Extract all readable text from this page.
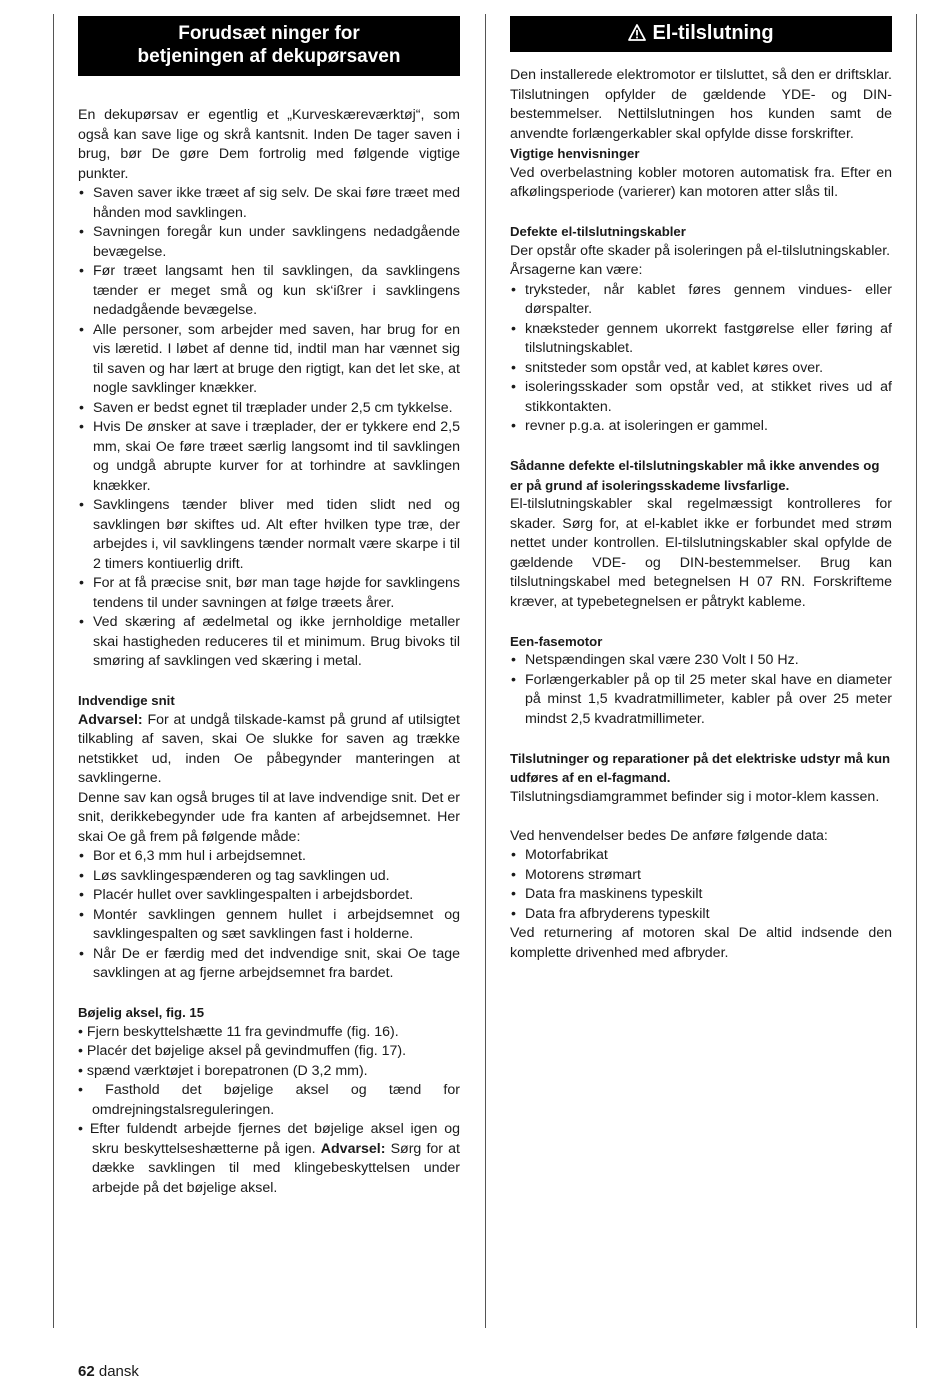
Forudsæt ninger for
betjeningen af dekupørsaven

En dekupørsav er egentlig et „Kurveskæreværktøj“, som også kan save lige og skrå kantsnit. Inden De tager saven i brug, bør De gøre Dem fortrolig med følgende vigtige punkter.

• Saven saver ikke træet af sig selv. De skai føre træet med hånden mod savklingen.
• Savningen foregår kun under savklingens nedadgående bevægelse.
• Før træet langsamt hen til savklingen, da savklingens tænder er meget små og kun sk‘ißrer i savklingens nedadgående bevægelse.
• Alle personer, som arbejder med saven, har brug for en vis læretid. I løbet af denne tid, indtil man har vænnet sig til saven og har lært at bruge den rigtigt, kan det let ske, at nogle savklinger knækker.
• Saven er bedst egnet til træplader under 2,5 cm tykkelse.
• Hvis De ønsker at save i træplader, der er tykkere end 2,5 mm, skai Oe føre træet særlig langsomt ind til savklingen og undgå abrupte kurver for at torhindre at savklingen knækker.
• Savklingens tænder bliver med tiden slidt ned og savklingen bør skiftes ud. Alt efter hvilken type træ, der arbejdes i, vil savklingens tænder normalt være skarpe i til 2 timers kontiuerlig drift.
• For at få præcise snit, bør man tage højde for savklingens tendens til under savningen at følge træets årer.
• Ved skæring af ædelmetal og ikke jernholdige metaller skai hastigheden reduceres til et minimum. Brug bivoks til smøring af savklingen ved skæring i metal.
Indvendige snit

Advarsel: For at undgå tilskade-kamst på grund af utilsigtet tilkabling af saven, skai Oe slukke for saven ag trække netstikket ud, inden Oe påbegynder manteringen at savklingerne.

Denne sav kan også bruges til at lave indvendige snit. Det er snit, derikkebegynder ude fra kanten af arbejdsemnet. Her skai Oe gå frem på følgende måde:

• Bor et 6,3 mm hul i arbejdsemnet.
• Løs savklingespænderen og tag savklingen ud.
• Placér hullet over savklingespalten i arbejdsbordet.
• Montér savklingen gennem hullet i arbejdsemnet og savklingespalten og sæt savklingen fast i holderne.
• Når De er færdig med det indvendige snit, skai Oe tage savklingen at ag fjerne arbejdsemnet fra bardet.
Bøjelig aksel, fig. 15
• Fjern beskyttelshætte 11 fra gevindmuffe (fig. 16).
• Placér det bøjelige aksel på gevindmuffen (fig. 17).
• spænd værktøjet i borepatronen (D 3,2 mm).
• Fasthold det bøjelige aksel og tænd for omdrejningstalsreguleringen.
• Efter fuldendt arbejde fjernes det bøjelige aksel igen og skru beskyttelseshætterne på igen. Advarsel: Sørg for at dække savklingen til med klingebeskyttelsen under arbejde på det bøjelige aksel.
El-tilslutning

Den installerede elektromotor er tilsluttet, så den er driftsklar. Tilslutningen opfylder de gældende YDE- og DIN-bestemmelser. Nettilslutningen hos kunden samt de anvendte forlængerkabler skal opfylde disse forskrifter.

Vigtige henvisninger

Ved overbelastning kobler motoren automatisk fra. Efter en afkølingsperiode (varierer) kan motoren atter slås til.

Defekte el-tilslutningskabler

Der opstår ofte skader på isoleringen på el-tilslutningskabler.

Årsagerne kan være:

• tryksteder, når kablet føres gennem vindues- eller dørspalter.
• knæksteder gennem ukorrekt fastgørelse eller føring af tilslutningskablet.
• snitsteder som opstår ved, at kablet køres over.
• isoleringsskader som opstår ved, at stikket rives ud af stikkontakten.
• revner p.g.a. at isoleringen er gammel.
Sådanne defekte el-tilslutningskabler må ikke anvendes og er på grund af isoleringsskademe livsfarlige.

El-tilslutningskabler skal regelmæssigt kontrolleres for skader. Sørg for, at el-kablet ikke er forbundet med strøm nettet under kontrollen. El-tilslutningskabler skal opfylde de gældende VDE- og DIN-bestemmelser. Brug kan tilslutningskabel med betegnelsen H 07 RN. Forskrifteme kræver, at typebetegnelsen er påtrykt kableme.

Een-fasemotor
• Netspændingen skal være 230 Volt I 50 Hz.
• Forlængerkabler på op til 25 meter skal have en diameter på minst 1,5 kvadratmillimeter, kabler på over 25 meter mindst 2,5 kvadratmillimeter.
Tilslutninger og reparationer på det elektriske udstyr må kun udføres af en el-fagmand.

Tilslutningsdiamgrammet befinder sig i motor-klem kassen.

Ved henvendelser bedes De anføre følgende data:

• Motorfabrikat
• Motorens strømart
• Data fra maskinens typeskilt
• Data fra afbryderens typeskilt

Ved returnering af motoren skal De altid indsende den komplette drivenhed med afbryder.

62 dansk
